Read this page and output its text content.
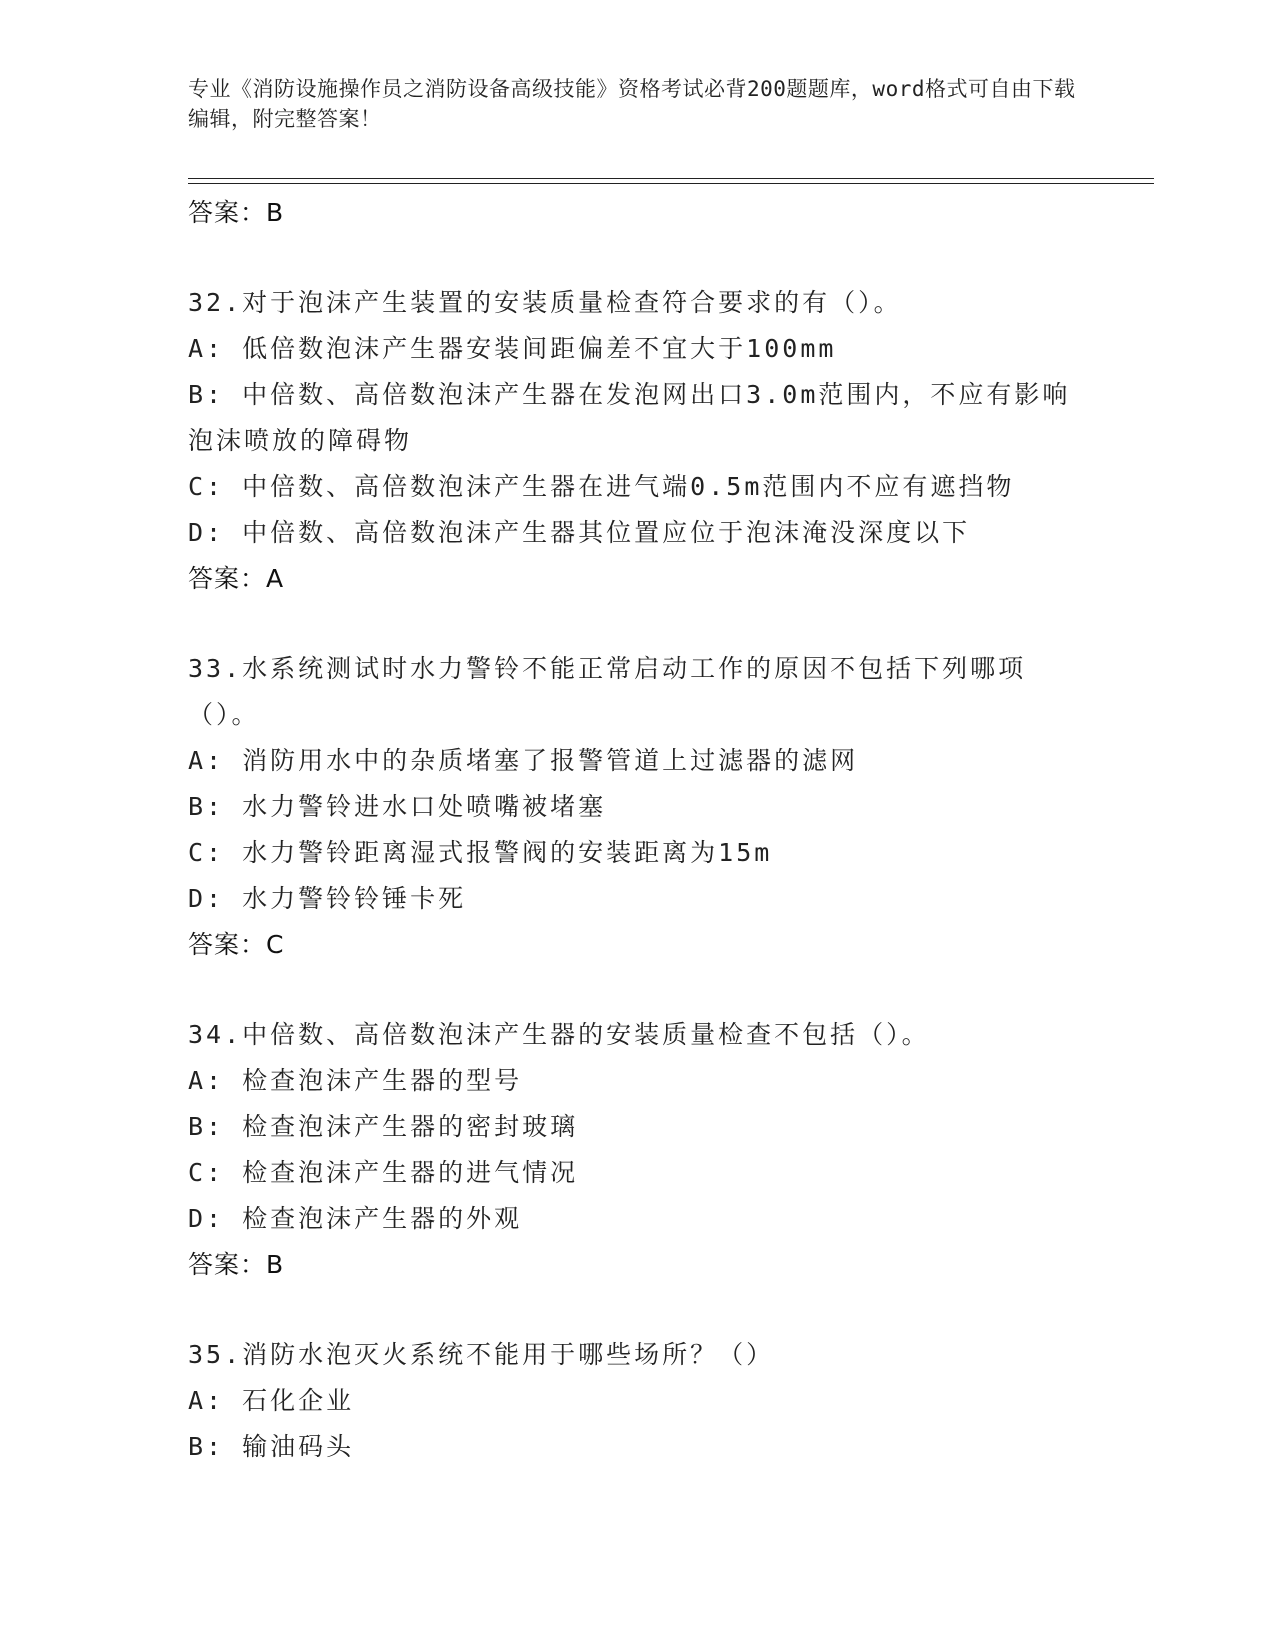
专业《消防设施操作员之消防设备高级技能》资格考试必背200题题库，word格式可自由下载编辑，附完整答案！
答案：B
32.对于泡沫产生装置的安装质量检查符合要求的有（）。
A: 低倍数泡沫产生器安装间距偏差不宜大于100mm
B: 中倍数、高倍数泡沫产生器在发泡网出口3.0m范围内，不应有影响泡沫喷放的障碍物
C: 中倍数、高倍数泡沫产生器在进气端0.5m范围内不应有遮挡物
D: 中倍数、高倍数泡沫产生器其位置应位于泡沫淹没深度以下
答案：A
33.水系统测试时水力警铃不能正常启动工作的原因不包括下列哪项（）。
A: 消防用水中的杂质堵塞了报警管道上过滤器的滤网
B: 水力警铃进水口处喷嘴被堵塞
C: 水力警铃距离湿式报警阀的安装距离为15m
D: 水力警铃铃锤卡死
答案：C
34.中倍数、高倍数泡沫产生器的安装质量检查不包括（）。
A: 检查泡沫产生器的型号
B: 检查泡沫产生器的密封玻璃
C: 检查泡沫产生器的进气情况
D: 检查泡沫产生器的外观
答案：B
35.消防水泡灭火系统不能用于哪些场所？（）
A: 石化企业
B: 输油码头
